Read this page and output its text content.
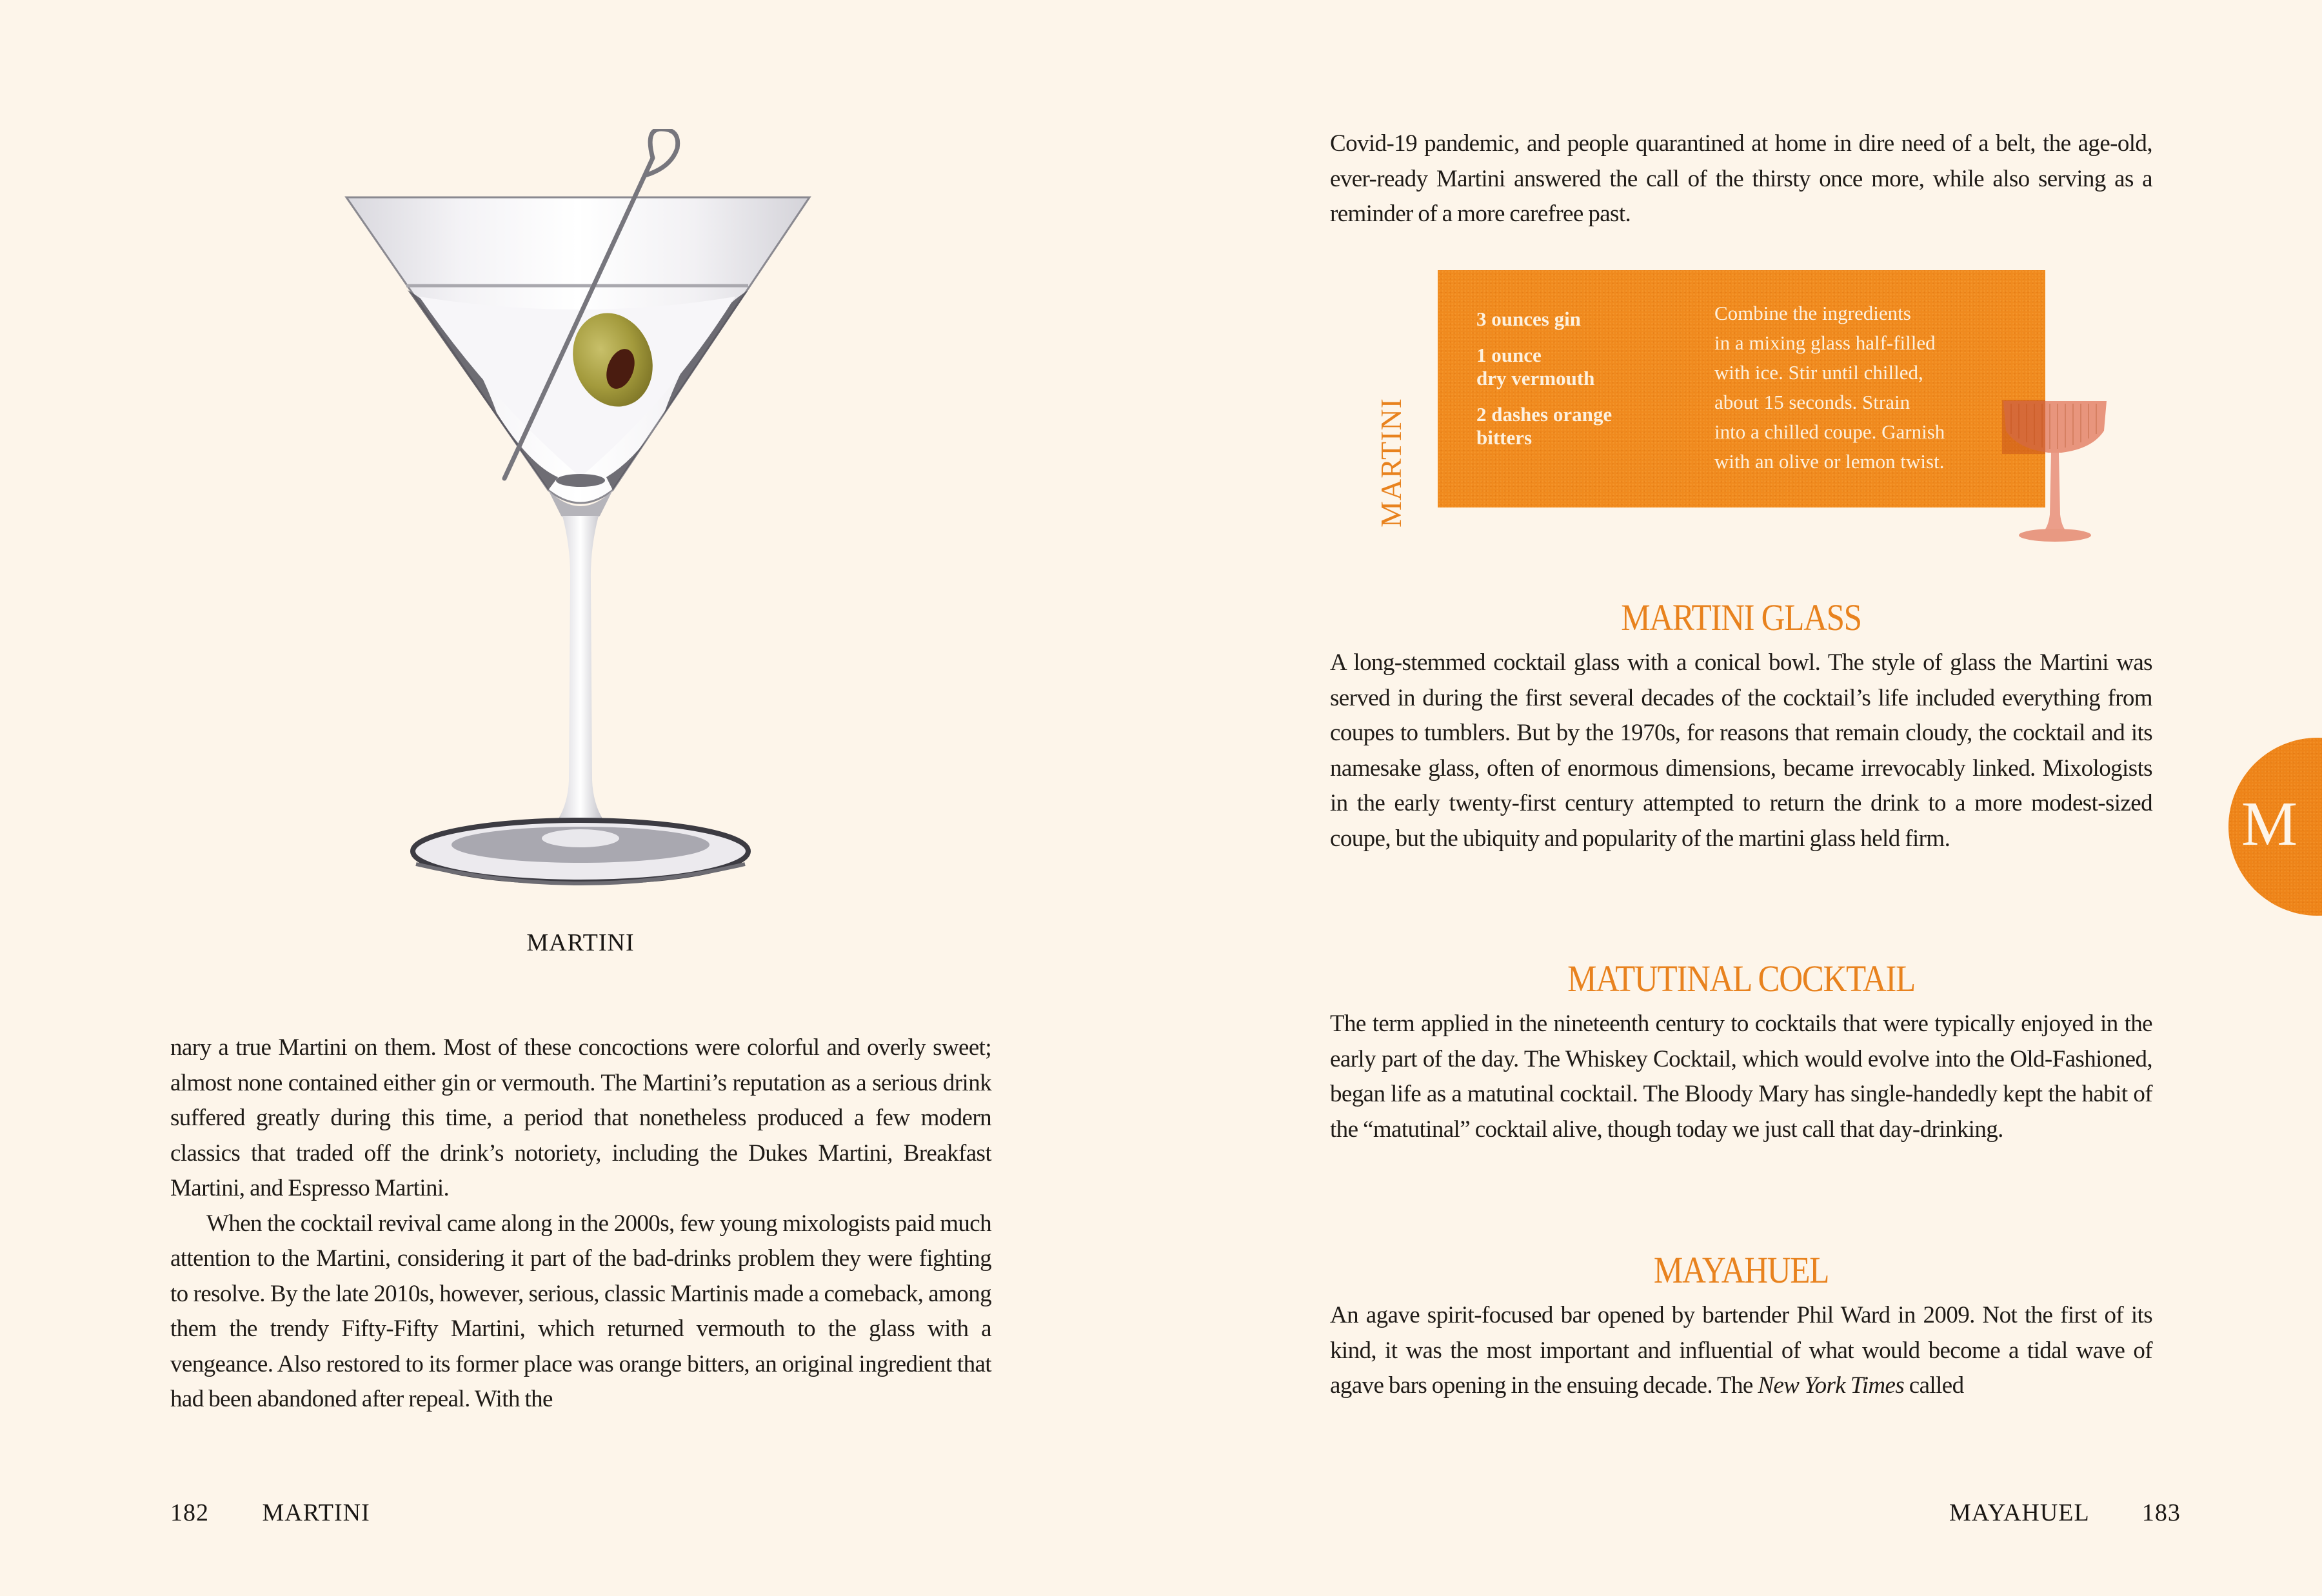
MARTINI

nary a true Martini on them. Most of these concoctions were colorful and overly sweet; almost none contained either gin or vermouth. The Martini’s reputation as a serious drink suffered greatly during this time, a period that nonetheless produced a few modern classics that traded off the drink’s notoriety, including the Dukes Martini, Breakfast Martini, and Espresso Martini.

When the cocktail revival came along in the 2000s, few young mixologists paid much attention to the Martini, considering it part of the bad-drinks problem they were fighting to resolve. By the late 2010s, however, serious, classic Martinis made a comeback, among them the trendy Fifty-Fifty Martini, which returned vermouth to the glass with a vengeance. Also restored to its former place was orange bitters, an original ingredient that had been abandoned after repeal. With the

182 MARTINI
Covid-19 pandemic, and people quarantined at home in dire need of a belt, the age-old, ever-ready Martini answered the call of the thirsty once more, while also serving as a reminder of a more carefree past.
MARTINI
3 ounces gin
1 ounce
dry vermouth
2 dashes orange
bitters
Combine the ingredients
in a mixing glass half-filled
with ice. Stir until chilled,
about 15 seconds. Strain
into a chilled coupe. Garnish
with an olive or lemon twist.
MARTINI GLASS
A long-stemmed cocktail glass with a conical bowl. The style of glass the Martini was served in during the first several decades of the cocktail’s life included everything from coupes to tumblers. But by the 1970s, for reasons that remain cloudy, the cocktail and its namesake glass, often of enormous dimensions, became irrevocably linked. Mixologists in the early twenty-first century attempted to return the drink to a more modest-sized coupe, but the ubiquity and popularity of the martini glass held firm.
MATUTINAL COCKTAIL
The term applied in the nineteenth century to cocktails that were typically enjoyed in the early part of the day. The Whiskey Cocktail, which would evolve into the Old-Fashioned, began life as a matutinal cocktail. The Bloody Mary has single-handedly kept the habit of the “matutinal” cocktail alive, though today we just call that day-drinking.
MAYAHUEL
An agave spirit-focused bar opened by bartender Phil Ward in 2009. Not the first of its kind, it was the most important and influential of what would become a tidal wave of agave bars opening in the ensuing decade. The New York Times called
M
MAYAHUEL 183
